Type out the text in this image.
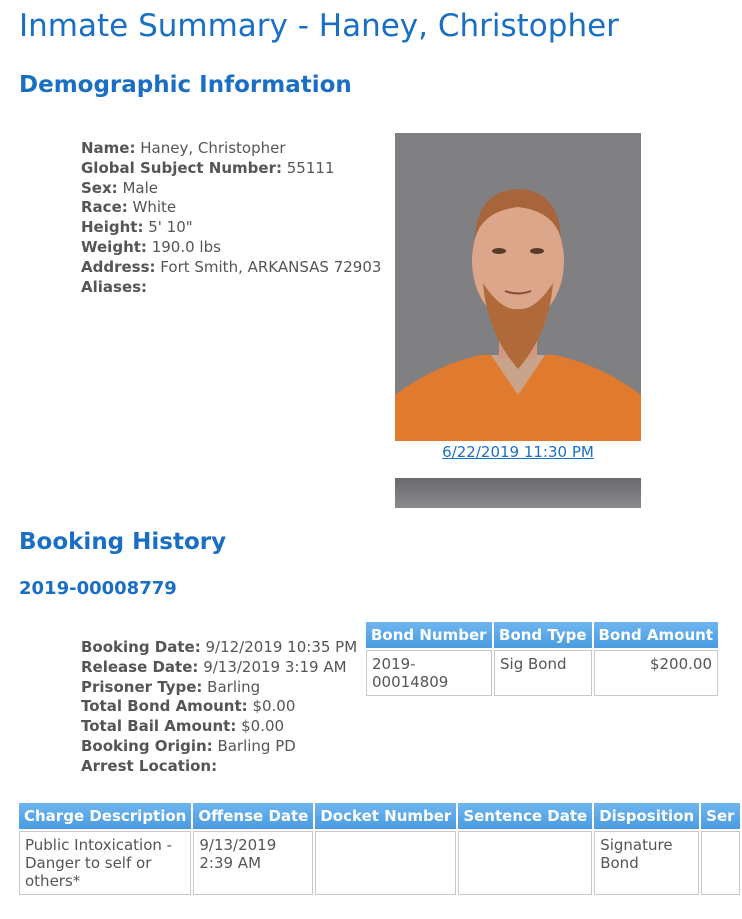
Inmate Summary - Haney, Christopher
Demographic Information
Name: Haney, Christopher
Global Subject Number: 55111
Sex: Male
Race: White
Height: 5' 10"
Weight: 190.0 lbs
Address: Fort Smith, ARKANSAS 72903
Aliases:
6/22/2019 11:30 PM
Booking History
2019-00008779
Booking Date: 9/12/2019 10:35 PM
Release Date: 9/13/2019 3:19 AM
Prisoner Type: Barling
Total Bond Amount: $0.00
Total Bail Amount: $0.00
Booking Origin: Barling PD
Arrest Location:
Bond Number	Bond Type	Bond Amount
2019-00014809	Sig Bond	$200.00
Charge Description	Offense Date	Docket Number	Sentence Date	Disposition	Ser
Public Intoxication - Danger to self or others*	9/13/2019 2:39 AM			Signature Bond	
